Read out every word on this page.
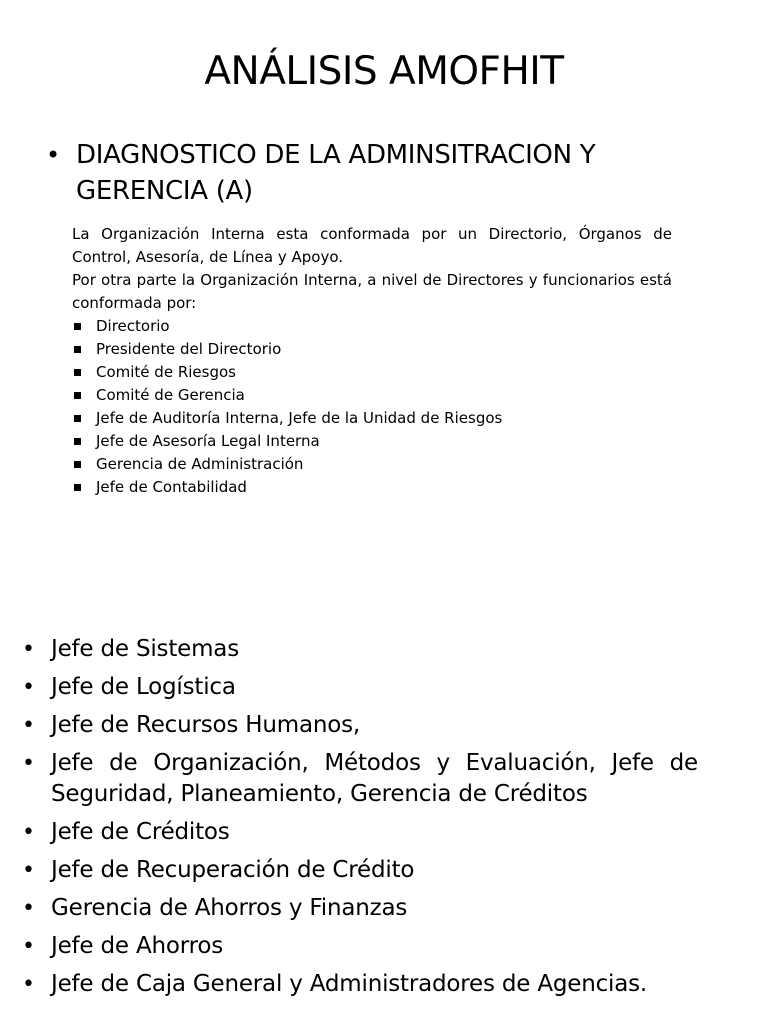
ANÁLISIS AMOFHIT
• DIAGNOSTICO DE LA ADMINSITRACION Y GERENCIA (A)

La Organización Interna esta conformada por un Directorio, Órganos de Control, Asesoría, de Línea y Apoyo.

Por otra parte la Organización Interna, a nivel de Directores y funcionarios está conformada por:

Directorio
Presidente del Directorio
Comité de Riesgos
Comité de Gerencia
Jefe de Auditoría Interna, Jefe de la Unidad de Riesgos
Jefe de Asesoría Legal Interna
Gerencia de Administración
Jefe de Contabilidad
• Jefe de Sistemas
• Jefe de Logística
• Jefe de Recursos Humanos,
• Jefe de Organización, Métodos y Evaluación, Jefe de Seguridad, Planeamiento, Gerencia de Créditos
• Jefe de Créditos
• Jefe de Recuperación de Crédito
• Gerencia de Ahorros y Finanzas
• Jefe de Ahorros
• Jefe de Caja General y Administradores de Agencias.
